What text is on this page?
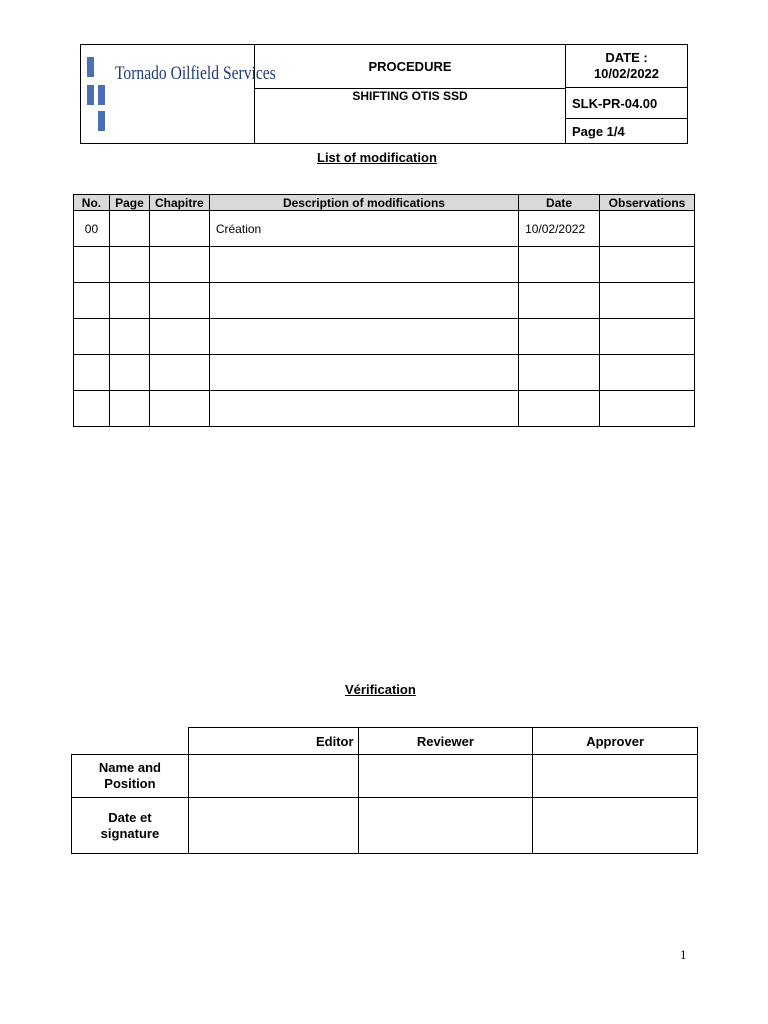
Tornado Oilfield Services	PROCEDURE
SHIFTING OTIS SSD
DATE :
10/02/2022
SLK-PR-04.00
Page 1/4
List of modification
No.	Page	Chapitre	Description of modifications	Date	Observations
00			Création	10/02/2022	

Vérification
	Editor	Reviewer	Approver

Name and
Position			

Date et
signature			

1
